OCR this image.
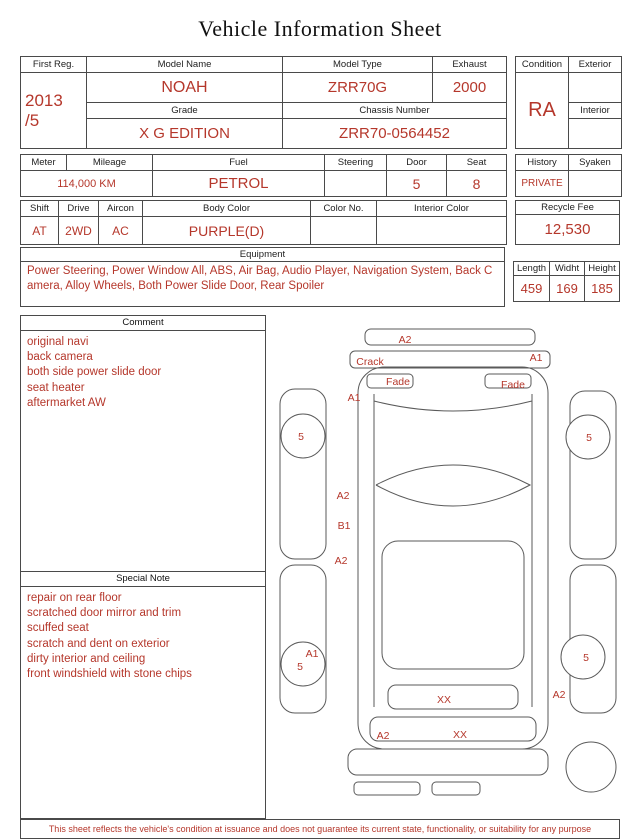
Vehicle Information Sheet
First Reg.	Model Name	Model Type	Exhaust
2013
/5	NOAH	ZRR70G	2000
	Grade	Chassis Number	
	X G EDITION	ZRR70-0564452	
Condition	Exterior
RA	
	Interior

Meter	Mileage	Fuel	Steering	Door	Seat
114,000 KM		PETROL		5	8
History	Syaken
PRIVATE	
Shift	Drive	Aircon	Body Color	Color No.	Interior Color
AT	2WD	AC	PURPLE(D)		
Recycle Fee
12,530
Equipment
Power Steering, Power Window All, ABS, Air Bag, Audio Player, Navigation System, Back Camera, Alloy Wheels, Both Power Slide Door, Rear Spoiler
Length	Widht	Height
459	169	185
Comment
original navi
back camera
both side power slide door
seat heater
aftermarket AW
Special Note
repair on rear floor
scratched door mirror and trim
scuffed seat
scratch and dent on exterior
dirty interior and ceiling
front windshield with stone chips
A2
Crack	A1
Fade	Fade
A1
5	5
A2
B1
A2
A1
5
5
A2
XX
A2	XX
This sheet reflects the vehicle's condition at issuance and does not guarantee its current state, functionality, or suitability for any purpose
